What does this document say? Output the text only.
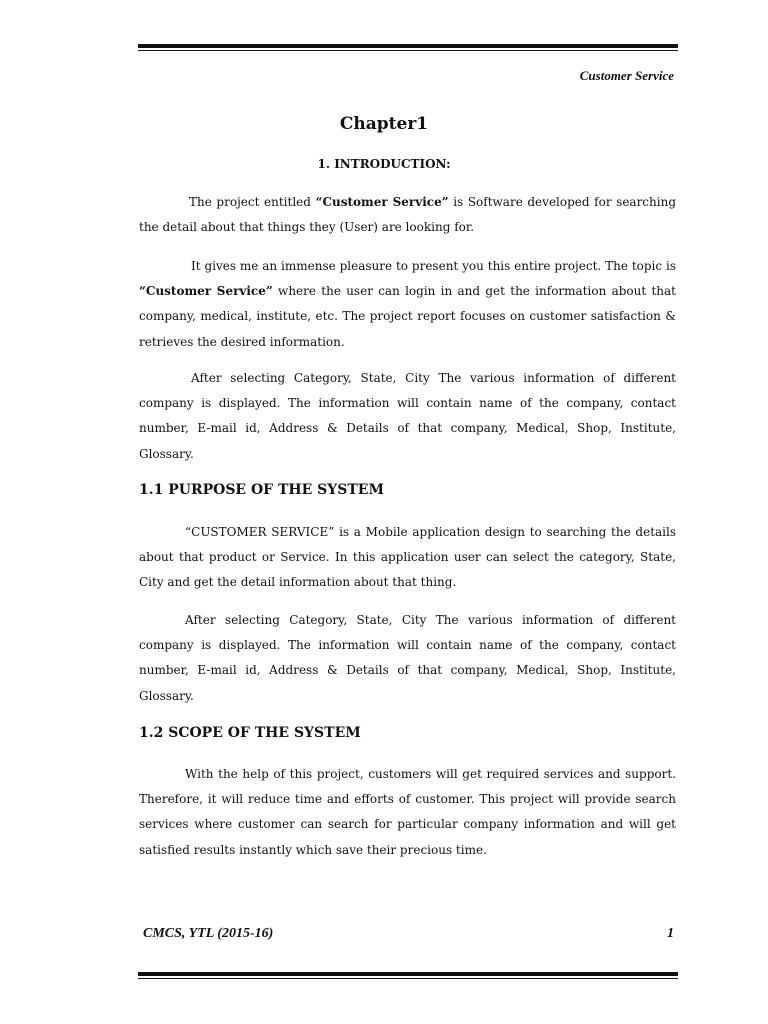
Customer Service
Chapter1
1. INTRODUCTION:

The project entitled “Customer Service” is Software developed for searching the detail about that things they (User) are looking for.

It gives me an immense pleasure to present you this entire project. The topic is “Customer Service” where the user can login in and get the information about that company, medical, institute, etc. The project report focuses on customer satisfaction & retrieves the desired information.

After selecting Category, State, City The various information of different company is displayed. The information will contain name of the company, contact number, E-mail id, Address & Details of that company, Medical, Shop, Institute, Glossary.

1.1 PURPOSE OF THE SYSTEM

“CUSTOMER SERVICE” is a Mobile application design to searching the details about that product or Service. In this application user can select the category, State, City and get the detail information about that thing.

After selecting Category, State, City The various information of different company is displayed. The information will contain name of the company, contact number, E-mail id, Address & Details of that company, Medical, Shop, Institute, Glossary.

1.2 SCOPE OF THE SYSTEM

With the help of this project, customers will get required services and support. Therefore, it will reduce time and efforts of customer. This project will provide search services where customer can search for particular company information and will get satisfied results instantly which save their precious time.

CMCS, YTL (2015-16)	1
